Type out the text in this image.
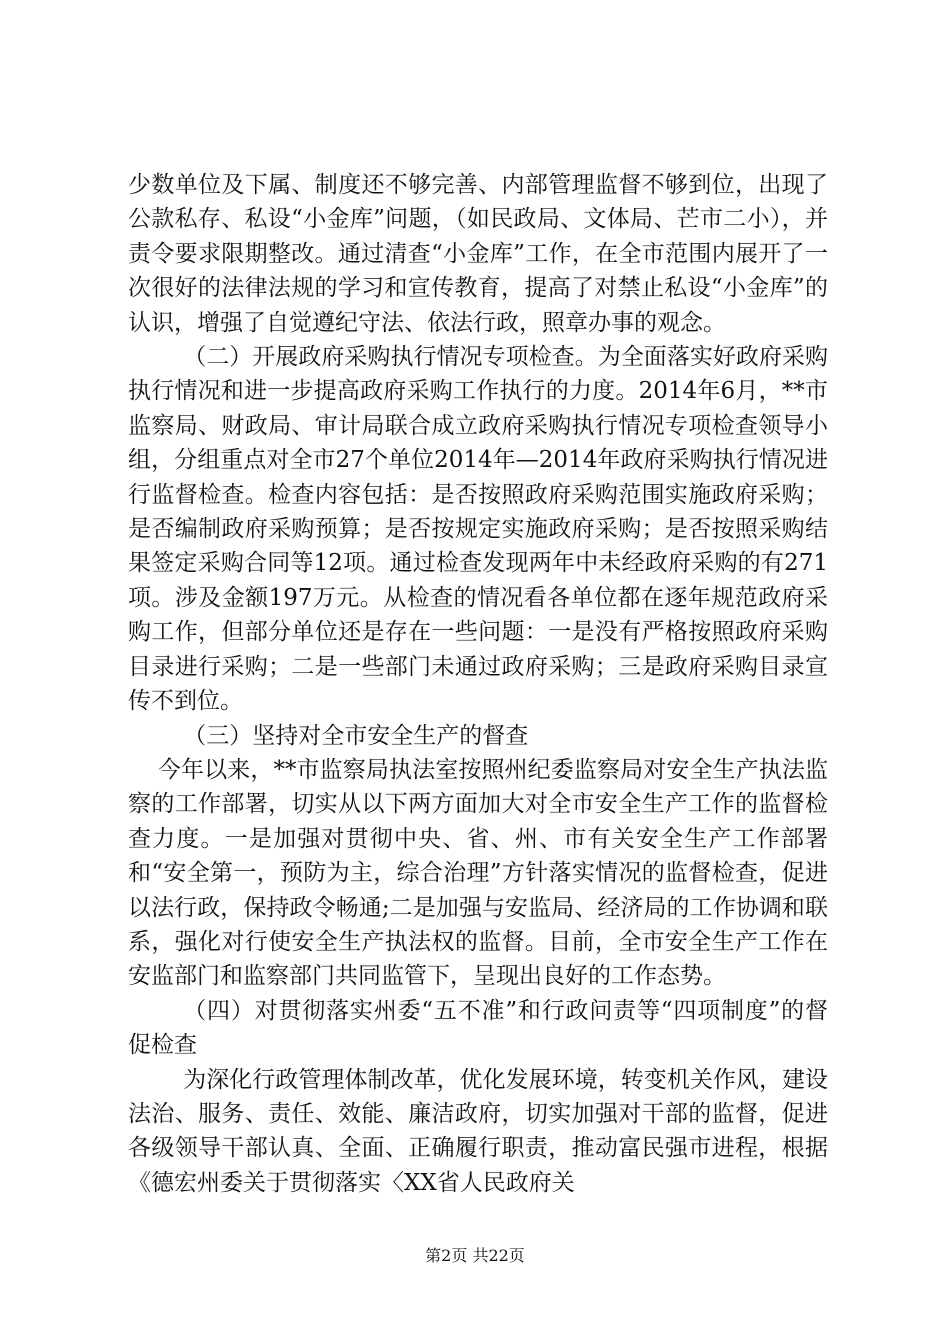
少数单位及下属、制度还不够完善、内部管理监督不够到位，出现了公款私存、私设“小金库”问题，（如民政局、文体局、芒市二小），并责令要求限期整改。通过清查“小金库”工作，在全市范围内展开了一次很好的法律法规的学习和宣传教育，提高了对禁止私设“小金库”的认识，增强了自觉遵纪守法、依法行政，照章办事的观念。

（二）开展政府采购执行情况专项检查。为全面落实好政府采购执行情况和进一步提高政府采购工作执行的力度。2014年6月，**市监察局、财政局、审计局联合成立政府采购执行情况专项检查领导小组，分组重点对全市27个单位2014年—2014年政府采购执行情况进行监督检查。检查内容包括：是否按照政府采购范围实施政府采购；是否编制政府采购预算；是否按规定实施政府采购；是否按照采购结果签定采购合同等12项。通过检查发现两年中未经政府采购的有271项。涉及金额197万元。从检查的情况看各单位都在逐年规范政府采购工作，但部分单位还是存在一些问题：一是没有严格按照政府采购目录进行采购；二是一些部门未通过政府采购；三是政府采购目录宣传不到位。

（三）坚持对全市安全生产的督查

今年以来，**市监察局执法室按照州纪委监察局对安全生产执法监察的工作部署，切实从以下两方面加大对全市安全生产工作的监督检查力度。一是加强对贯彻中央、省、州、市有关安全生产工作部署和“安全第一，预防为主，综合治理”方针落实情况的监督检查，促进以法行政，保持政令畅通;二是加强与安监局、经济局的工作协调和联系，强化对行使安全生产执法权的监督。目前，全市安全生产工作在安监部门和监察部门共同监管下，呈现出良好的工作态势。

（四）对贯彻落实州委“五不准”和行政问责等“四项制度”的督促检查

为深化行政管理体制改革，优化发展环境，转变机关作风，建设法治、服务、责任、效能、廉洁政府，切实加强对干部的监督，促进各级领导干部认真、全面、正确履行职责，推动富民强市进程，根据《德宏州委关于贯彻落实〈XX省人民政府关

第2页 共22页
